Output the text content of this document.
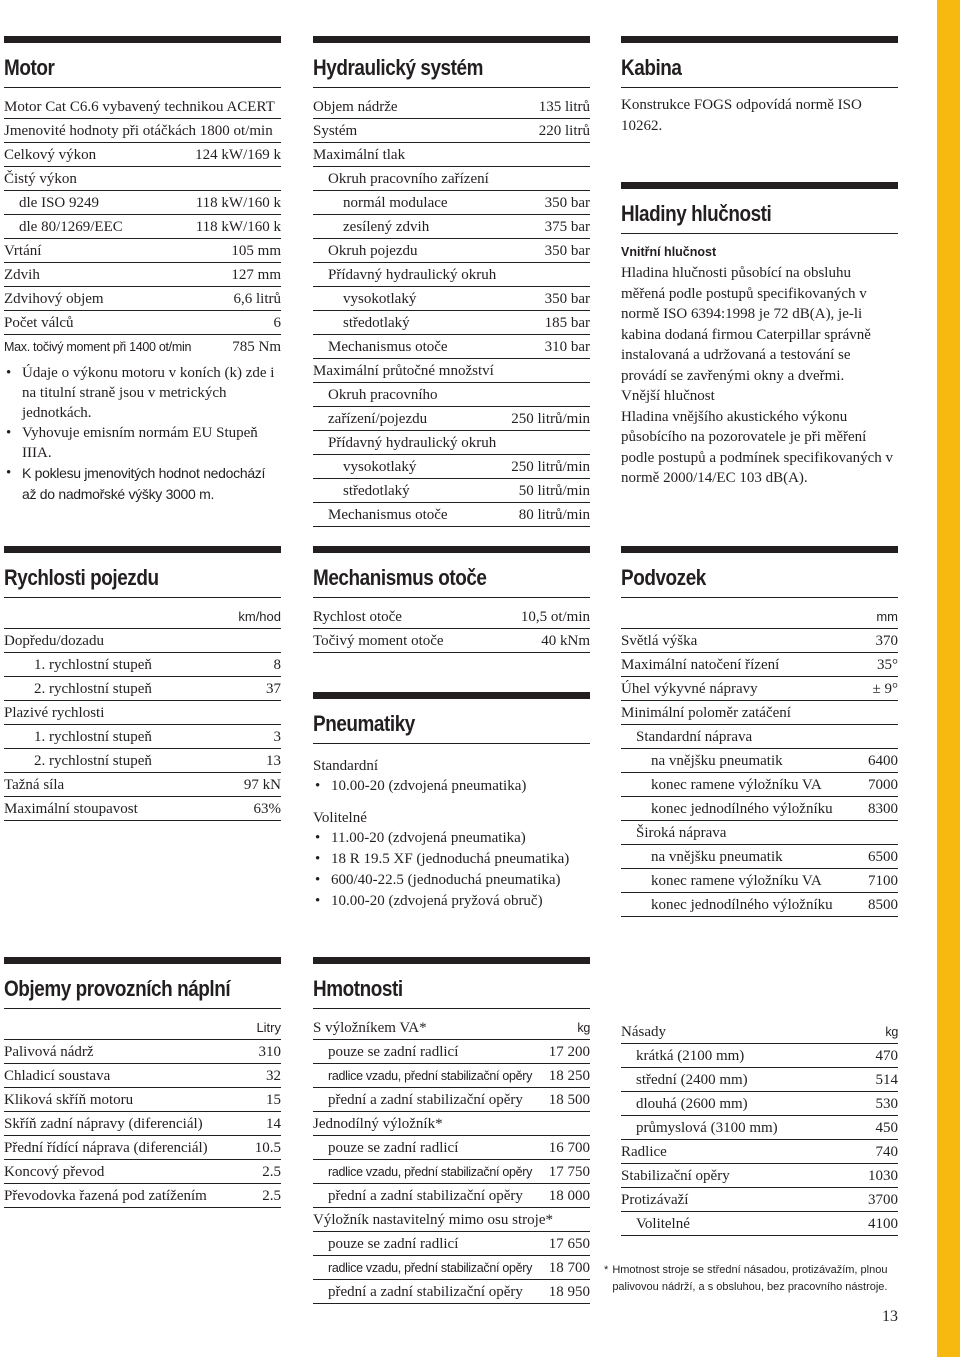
Motor
Motor Cat C6.6 vybavený technikou ACERT
Jmenovité hodnoty při otáčkách 1800 ot/min
Celkový výkon	124 kW/169 k
Čistý výkon
dle ISO 9249	118 kW/160 k
dle 80/1269/EEC	118 kW/160 k
Vrtání	105 mm
Zdvih	127 mm
Zdvihový objem	6,6 litrů
Počet válců	6
Max. točivý moment při 1400 ot/min	785 Nm
• Údaje o výkonu motoru v koních (k) zde i na titulní straně jsou v metrických jednotkách.
• Vyhovuje emisním normám EU Stupeň IIIA.
• K poklesu jmenovitých hodnot nedochází až do nadmořské výšky 3000 m.
Hydraulický systém
Objem nádrže	135 litrů
Systém	220 litrů
Maximální tlak
Okruh pracovního zařízení
normál modulace	350 bar
zesílený zdvih	375 bar
Okruh pojezdu	350 bar
Přídavný hydraulický okruh
vysokotlaký	350 bar
středotlaký	185 bar
Mechanismus otoče	310 bar
Maximální průtočné množství
Okruh pracovního
zařízení/pojezdu	250 litrů/min
Přídavný hydraulický okruh
vysokotlaký	250 litrů/min
středotlaký	50 litrů/min
Mechanismus otoče	80 litrů/min
Kabina
Konstrukce FOGS odpovídá normě ISO 10262.
Hladiny hlučnosti
Vnitřní hlučnost
Hladina hlučnosti působící na obsluhu měřená podle postupů specifikovaných v normě ISO 6394:1998 je 72 dB(A), je-li kabina dodaná firmou Caterpillar správně instalovaná a udržovaná a testování se provádí se zavřenými okny a dveřmi.
Vnější hlučnost
Hladina vnějšího akustického výkonu působícího na pozorovatele je při měření podle postupů a podmínek specifikovaných v normě 2000/14/EC 103 dB(A).
Rychlosti pojezdu
km/hod
Dopředu/dozadu
1. rychlostní stupeň	8
2. rychlostní stupeň	37
Plazivé rychlosti
1. rychlostní stupeň	3
2. rychlostní stupeň	13
Tažná síla	97 kN
Maximální stoupavost	63%
Mechanismus otoče
Rychlost otoče	10,5 ot/min
Točivý moment otoče	40 kNm
Pneumatiky
Standardní
• 10.00-20 (zdvojená pneumatika)
Volitelné
• 11.00-20 (zdvojená pneumatika)
• 18 R 19.5 XF (jednoduchá pneumatika)
• 600/40-22.5 (jednoduchá pneumatika)
• 10.00-20 (zdvojená pryžová obruč)
Podvozek
mm
Světlá výška	370
Maximální natočení řízení	35°
Úhel výkyvné nápravy	± 9°
Minimální poloměr zatáčení
Standardní náprava
na vnějšku pneumatik	6400
konec ramene výložníku VA	7000
konec jednodílného výložníku 8300
Široká náprava
na vnějšku pneumatik	6500
konec ramene výložníku VA	7100
konec jednodílného výložníku 8500
Objemy provozních náplní
Litry
Palivová nádrž	310
Chladicí soustava	32
Kliková skříň motoru	15
Skříň zadní nápravy (diferenciál)	14
Přední řídící náprava (diferenciál)	10.5
Koncový převod	2.5
Převodovka řazená pod zatížením	2.5
Hmotnosti
S výložníkem VA*	kg
pouze se zadní radlicí	17 200
radlice vzadu, přední stabilizační opěry 18 250
přední a zadní stabilizační opěry 18 500
Jednodílný výložník*
pouze se zadní radlicí	16 700
radlice vzadu, přední stabilizační opěry 17 750
přední a zadní stabilizační opěry 18 000
Výložník nastavitelný mimo osu stroje*
pouze se zadní radlicí	17 650
radlice vzadu, přední stabilizační opěry 18 700
přední a zadní stabilizační opěry 18 950
Násady	kg
krátká (2100 mm)	470
střední (2400 mm)	514
dlouhá (2600 mm)	530
průmyslová (3100 mm)	450
Radlice	740
Stabilizační opěry	1030
Protizávaží	3700
Volitelné	4100
* Hmotnost stroje se střední násadou, protizávažím, plnou palivovou nádrží, a s obsluhou, bez pracovního nástroje.
13
